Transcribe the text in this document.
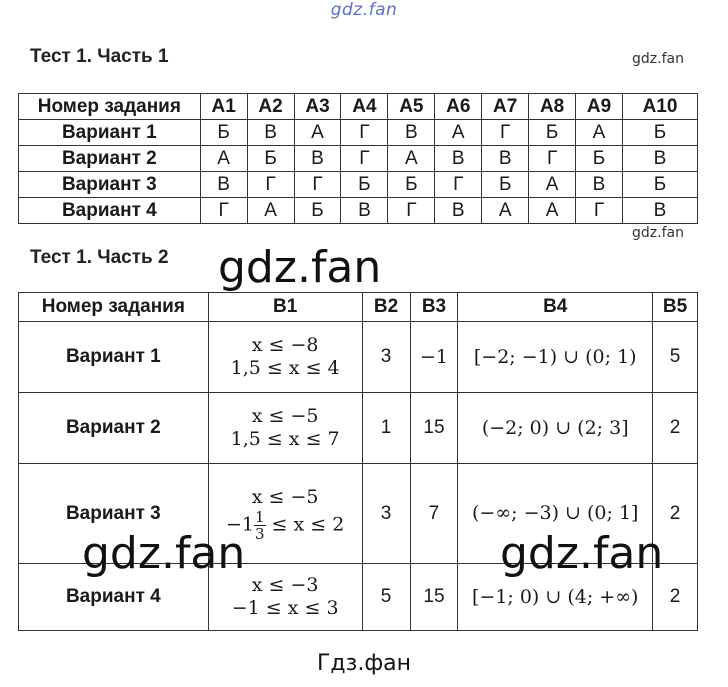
gdz.fan
Тест 1. Часть 1	gdz.fan
Номер задания	А1	А2	А3	А4	А5	А6	А7	А8	А9	А10
Вариант 1	Б	В	А	Г	В	А	Г	Б	А	Б
Вариант 2	А	Б	В	Г	А	В	В	Г	Б	В
Вариант 3	В	Г	Г	Б	Б	Г	Б	А	В	Б
Вариант 4	Г	А	Б	В	Г	В	А	А	Г	В
gdz.fan
Тест 1. Часть 2
Номер задания	В1	В2	В3	В4	В5
Вариант 1	x ≤ −8
1,5 ≤ x ≤ 4	3	−1	[−2; −1) ∪ (0; 1)	5
Вариант 2	x ≤ −5
1,5 ≤ x ≤ 7	1	15	(−2; 0) ∪ (2; 3]	2
Вариант 3	x ≤ −5
$-1 \frac{1}{3} \le x \le 2$	3	7	(−∞; −3) ∪ (0; 1]	2
Вариант 4	x ≤ −3
−1 ≤ x ≤ 3	5	15	[−1; 0) ∪ (4; +∞)	2
gdz.fan
gdz.fan	gdz.fan
Гдз.фан
